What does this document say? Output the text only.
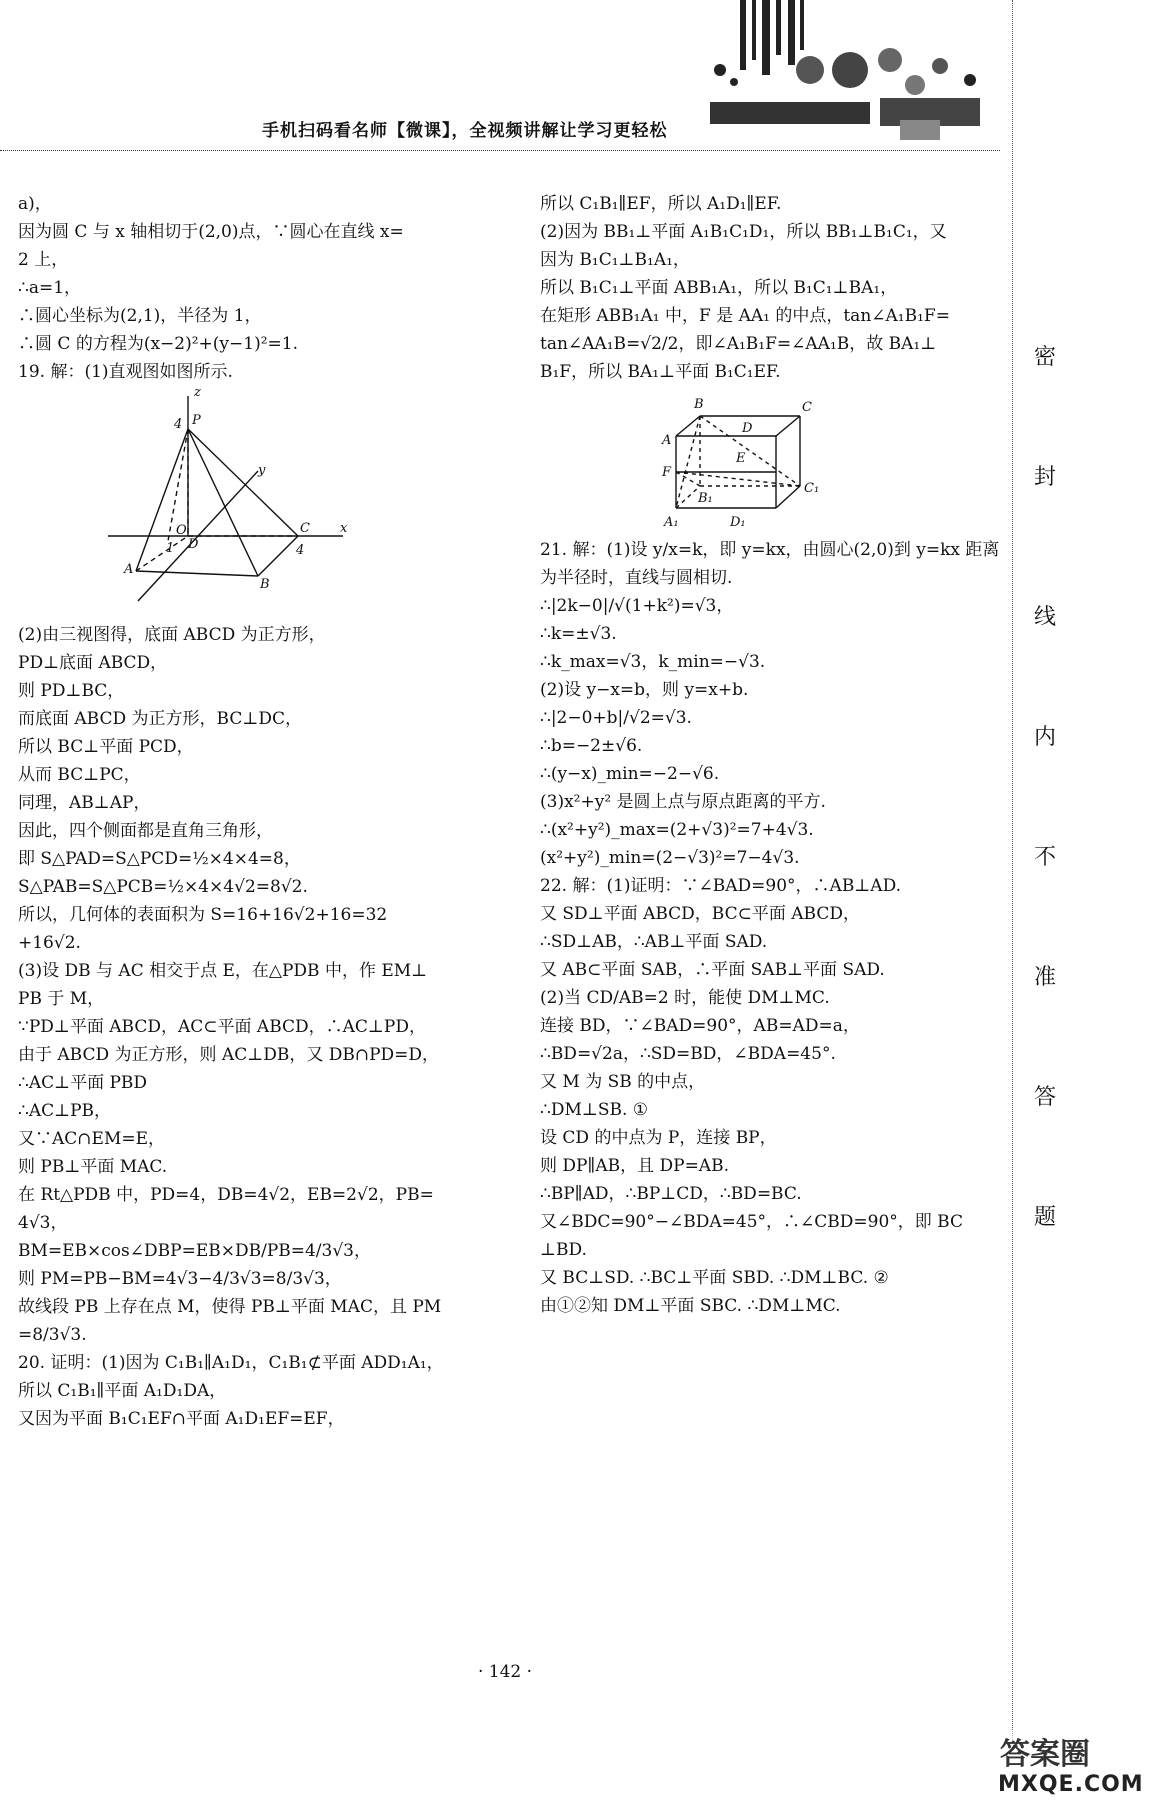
手机扫码看名师【微课】，全视频讲解让学习更轻松
a)，
因为圆 C 与 x 轴相切于(2,0)点，∵圆心在直线 x=
2 上，
∴a=1，
∴圆心坐标为(2,1)，半径为 1，
∴圆 C 的方程为(x−2)²+(y−1)²=1.
19. 解：(1)直观图如图所示.
z
P
4
y
C x
O
D
1	4
A
B
(2)由三视图得，底面 ABCD 为正方形，
PD⊥底面 ABCD，
则 PD⊥BC，
而底面 ABCD 为正方形，BC⊥DC，
所以 BC⊥平面 PCD，
从而 BC⊥PC，
同理，AB⊥AP，
因此，四个侧面都是直角三角形，
即 S△PAD=S△PCD=½×4×4=8，
S△PAB=S△PCB=½×4×4√2=8√2.
所以，几何体的表面积为 S=16+16√2+16=32
+16√2.
(3)设 DB 与 AC 相交于点 E，在△PDB 中，作 EM⊥
PB 于 M，
∵PD⊥平面 ABCD，AC⊂平面 ABCD，∴AC⊥PD，
由于 ABCD 为正方形，则 AC⊥DB，又 DB∩PD=D，
∴AC⊥平面 PBD
∴AC⊥PB，
又∵AC∩EM=E，
则 PB⊥平面 MAC.
在 Rt△PDB 中，PD=4，DB=4√2，EB=2√2，PB=
4√3，
BM=EB×cos∠DBP=EB×DB/PB=4/3√3，
则 PM=PB−BM=4√3−4/3√3=8/3√3，
故线段 PB 上存在点 M，使得 PB⊥平面 MAC，且 PM
=8/3√3.
20. 证明：(1)因为 C₁B₁∥A₁D₁，C₁B₁⊄平面 ADD₁A₁，
所以 C₁B₁∥平面 A₁D₁DA，
又因为平面 B₁C₁EF∩平面 A₁D₁EF=EF，
所以 C₁B₁∥EF，所以 A₁D₁∥EF.
(2)因为 BB₁⊥平面 A₁B₁C₁D₁，所以 BB₁⊥B₁C₁，又
因为 B₁C₁⊥B₁A₁，
所以 B₁C₁⊥平面 ABB₁A₁，所以 B₁C₁⊥BA₁，
在矩形 ABB₁A₁ 中，F 是 AA₁ 的中点，tan∠A₁B₁F=
tan∠AA₁B=√2/2，即∠A₁B₁F=∠AA₁B，故 BA₁⊥
B₁F，所以 BA₁⊥平面 B₁C₁EF.
B	C
A
D
E
F
B₁
C₁
A₁	D₁
21. 解：(1)设 y/x=k，即 y=kx，由圆心(2,0)到 y=kx 距离
为半径时，直线与圆相切.
∴|2k−0|/√(1+k²)=√3，
∴k=±√3.
∴k_max=√3，k_min=−√3.
(2)设 y−x=b，则 y=x+b.
∴|2−0+b|/√2=√3.
∴b=−2±√6.
∴(y−x)_min=−2−√6.
(3)x²+y² 是圆上点与原点距离的平方.
∴(x²+y²)_max=(2+√3)²=7+4√3.
(x²+y²)_min=(2−√3)²=7−4√3.
22. 解：(1)证明：∵∠BAD=90°，∴AB⊥AD.
又 SD⊥平面 ABCD，BC⊂平面 ABCD，
∴SD⊥AB，∴AB⊥平面 SAD.
又 AB⊂平面 SAB，∴平面 SAB⊥平面 SAD.
(2)当 CD/AB=2 时，能使 DM⊥MC.
连接 BD，∵∠BAD=90°，AB=AD=a，
∴BD=√2a，∴SD=BD，∠BDA=45°.
又 M 为 SB 的中点，
∴DM⊥SB. ①
设 CD 的中点为 P，连接 BP，
则 DP∥AB，且 DP=AB.
∴BP∥AD，∴BP⊥CD，∴BD=BC.
又∠BDC=90°−∠BDA=45°，∴∠CBD=90°，即 BC
⊥BD.
又 BC⊥SD. ∴BC⊥平面 SBD. ∴DM⊥BC. ②
由①②知 DM⊥平面 SBC. ∴DM⊥MC.
密
封
线
内
不
准
答
题
· 142 ·
答案圈
MXQE.COM
